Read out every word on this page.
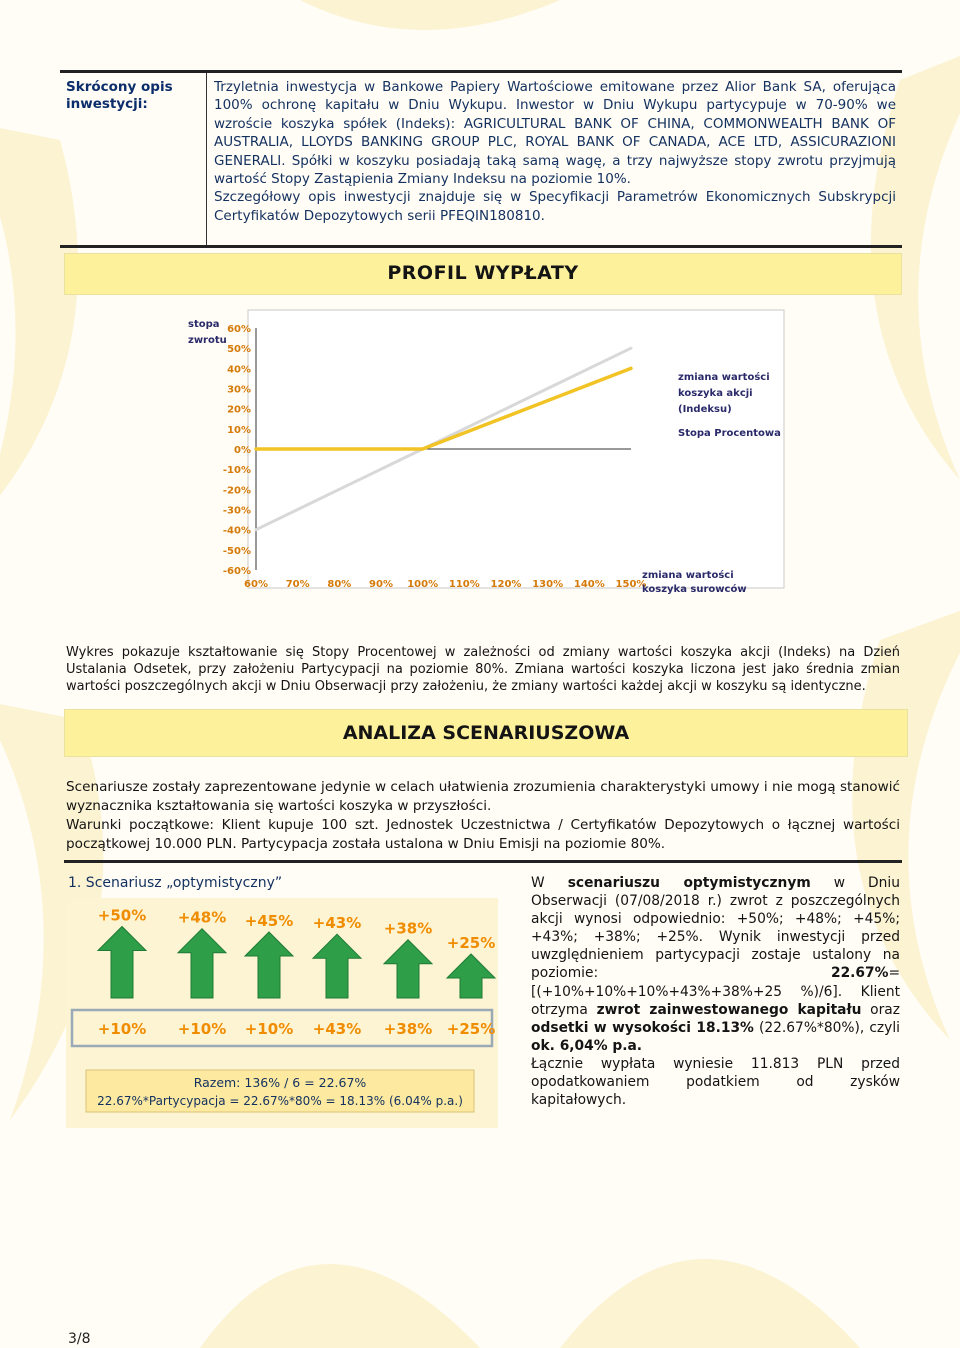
Skrócony opis inwestycji:
Trzyletnia inwestycja w Bankowe Papiery Wartościowe emitowane przez Alior Bank SA, oferująca 100% ochronę kapitału w Dniu Wykupu. Inwestor w Dniu Wykupu partycypuje w 70-90% we wzroście koszyka spółek (Indeks): AGRICULTURAL BANK OF CHINA, COMMONWEALTH BANK OF AUSTRALIA, LLOYDS BANKING GROUP PLC, ROYAL BANK OF CANADA, ACE LTD, ASSICURAZIONI GENERALI. Spółki w koszyku posiadają taką samą wagę, a trzy najwyższe stopy zwrotu przyjmują wartość Stopy Zastąpienia Zmiany Indeksu na poziomie 10%.
Szczegółowy opis inwestycji znajduje się w Specyfikacji Parametrów Ekonomicznych Subskrypcji Certyfikatów Depozytowych serii PFEQIN180810.
PROFIL WYPŁATY
stopa
zwrotu
60%
50%
40%
30%
20%
10%
0%
-10%
-20%
-30%
-40%
-50%
-60%
60% 70% 80% 90% 100% 110% 120% 130% 140% 150%
zmiana wartości
koszyka akcji
(Indeksu)
Stopa Procentowa
zmiana wartości
koszyka surowców
Wykres pokazuje kształtowanie się Stopy Procentowej w zależności od zmiany wartości koszyka akcji (Indeks) na Dzień Ustalania Odsetek, przy założeniu Partycypacji na poziomie 80%. Zmiana wartości koszyka liczona jest jako średnia zmian wartości poszczególnych akcji w Dniu Obserwacji przy założeniu, że zmiany wartości każdej akcji w koszyku są identyczne.
ANALIZA SCENARIUSZOWA
Scenariusze zostały zaprezentowane jedynie w celach ułatwienia zrozumienia charakterystyki umowy i nie mogą stanowić wyznacznika kształtowania się wartości koszyka w przyszłości.
Warunki początkowe: Klient kupuje 100 szt. Jednostek Uczestnictwa / Certyfikatów Depozytowych o łącznej wartości początkowej 10.000 PLN. Partycypacja została ustalona w Dniu Emisji na poziomie 80%.
1. Scenariusz „optymistyczny”
+50% +48% +45% +43% +38%
+25%
+10% +10% +10% +43% +38% +25%
Razem: 136% / 6 = 22.67%
22.67%*Partycypacja = 22.67%*80% = 18.13% (6.04% p.a.)
W scenariuszu optymistycznym w Dniu Obserwacji (07/08/2018 r.) zwrot z poszczególnych akcji wynosi odpowiednio: +50%; +48%; +45%; +43%; +38%; +25%. Wynik inwestycji przed uwzględnieniem partycypacji zostaje ustalony na poziomie: 22.67%=[(+10%+10%+10%+43%+38%+25 %)/6]. Klient otrzyma zwrot zainwestowanego kapitału oraz odsetki w wysokości 18.13% (22.67%*80%), czyli ok. 6,04% p.a.
Łącznie wypłata wyniesie 11.813 PLN przed opodatkowaniem podatkiem od zysków kapitałowych.
3/8
